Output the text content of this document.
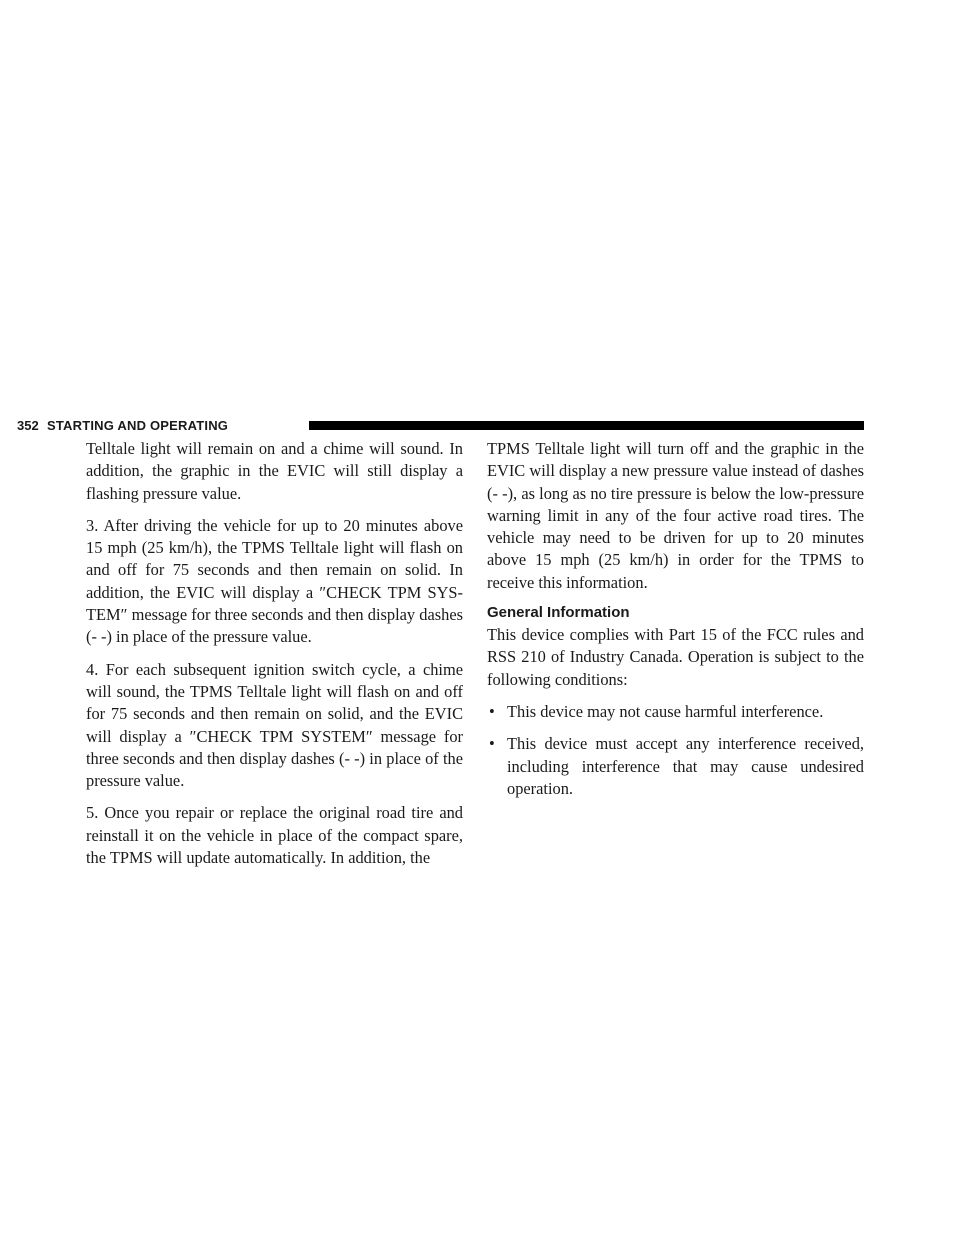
352 STARTING AND OPERATING

Telltale light will remain on and a chime will sound. In addition, the graphic in the EVIC will still display a flashing pressure value.

3. After driving the vehicle for up to 20 minutes above 15 mph (25 km/h), the TPMS Telltale light will flash on and off for 75 seconds and then remain on solid. In addition, the EVIC will display a ″CHECK TPM SYS-TEM″ message for three seconds and then display dashes (- -) in place of the pressure value.

4. For each subsequent ignition switch cycle, a chime will sound, the TPMS Telltale light will flash on and off for 75 seconds and then remain on solid, and the EVIC will display a ″CHECK TPM SYSTEM″ message for three seconds and then display dashes (- -) in place of the pressure value.

5. Once you repair or replace the original road tire and reinstall it on the vehicle in place of the compact spare, the TPMS will update automatically. In addition, the

TPMS Telltale light will turn off and the graphic in the EVIC will display a new pressure value instead of dashes (- -), as long as no tire pressure is below the low-pressure warning limit in any of the four active road tires. The vehicle may need to be driven for up to 20 minutes above 15 mph (25 km/h) in order for the TPMS to receive this information.

General Information

This device complies with Part 15 of the FCC rules and RSS 210 of Industry Canada. Operation is subject to the following conditions:

• This device may not cause harmful interference.
• This device must accept any interference received, including interference that may cause undesired operation.
